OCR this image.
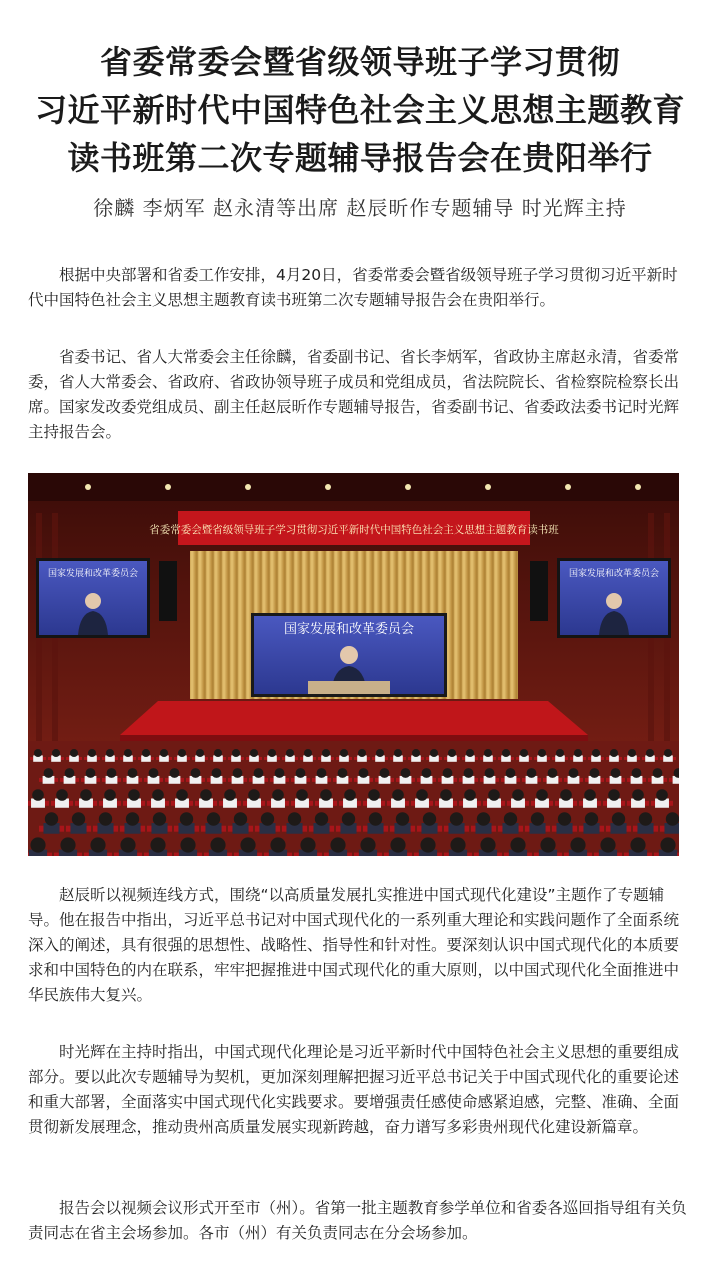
省委常委会暨省级领导班子学习贯彻
习近平新时代中国特色社会主义思想主题教育
读书班第二次专题辅导报告会在贵阳举行
徐麟 李炳军 赵永清等出席 赵辰昕作专题辅导 时光辉主持

根据中央部署和省委工作安排，4月20日，省委常委会暨省级领导班子学习贯彻习近平新时代中国特色社会主义思想主题教育读书班第二次专题辅导报告会在贵阳举行。

省委书记、省人大常委会主任徐麟，省委副书记、省长李炳军，省政协主席赵永清，省委常委，省人大常委会、省政府、省政协领导班子成员和党组成员，省法院院长、省检察院检察长出席。国家发改委党组成员、副主任赵辰昕作专题辅导报告，省委副书记、省委政法委书记时光辉主持报告会。

省委常委会暨省级领导班子学习贯彻习近平新时代中国特色社会主义思想主题教育读书班
国家发展和改革委员会
国家发展和改革委员会	国家发展和改革委员会

赵辰昕以视频连线方式，围绕“以高质量发展扎实推进中国式现代化建设”主题作了专题辅导。他在报告中指出，习近平总书记对中国式现代化的一系列重大理论和实践问题作了全面系统深入的阐述，具有很强的思想性、战略性、指导性和针对性。要深刻认识中国式现代化的本质要求和中国特色的内在联系，牢牢把握推进中国式现代化的重大原则，以中国式现代化全面推进中华民族伟大复兴。

时光辉在主持时指出，中国式现代化理论是习近平新时代中国特色社会主义思想的重要组成部分。要以此次专题辅导为契机，更加深刻理解把握习近平总书记关于中国式现代化的重要论述和重大部署，全面落实中国式现代化实践要求。要增强责任感使命感紧迫感，完整、准确、全面贯彻新发展理念，推动贵州高质量发展实现新跨越，奋力谱写多彩贵州现代化建设新篇章。

报告会以视频会议形式开至市（州）。省第一批主题教育参学单位和省委各巡回指导组有关负责同志在省主会场参加。各市（州）有关负责同志在分会场参加。
